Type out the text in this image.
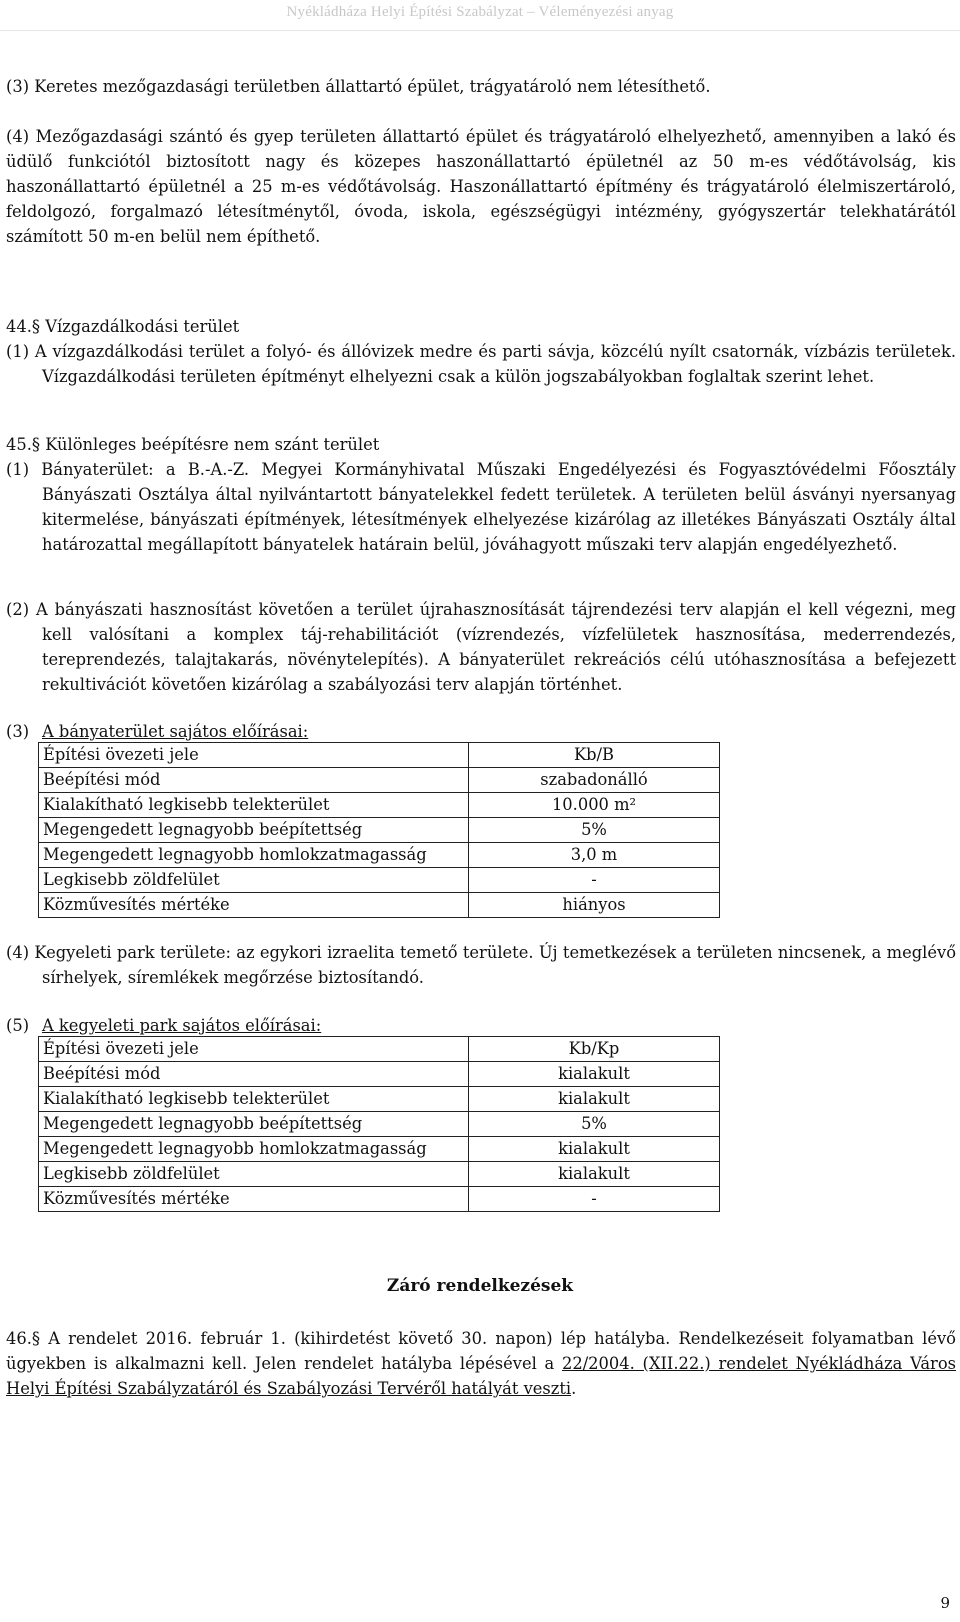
Nyékládháza Helyi Építési Szabályzat – Véleményezési anyag
(3) Keretes mezőgazdasági területben állattartó épület, trágyatároló nem létesíthető.
(4) Mezőgazdasági szántó és gyep területen állattartó épület és trágyatároló elhelyezhető, amennyiben a lakó és üdülő funkciótól biztosított nagy és közepes haszonállattartó épületnél az 50 m-es védőtávolság, kis haszonállattartó épületnél a 25 m-es védőtávolság. Haszonállattartó építmény és trágyatároló élelmiszertároló, feldolgozó, forgalmazó létesítménytől, óvoda, iskola, egészségügyi intézmény, gyógyszertár telekhatárától számított 50 m-en belül nem építhető.
44.§ Vízgazdálkodási terület
(1) A vízgazdálkodási terület a folyó- és állóvizek medre és parti sávja, közcélú nyílt csatornák, vízbázis területek. Vízgazdálkodási területen építményt elhelyezni csak a külön jogszabályokban foglaltak szerint lehet.
45.§ Különleges beépítésre nem szánt terület
(1) Bányaterület: a B.-A.-Z. Megyei Kormányhivatal Műszaki Engedélyezési és Fogyasztóvédelmi Főosztály Bányászati Osztálya által nyilvántartott bányatelekkel fedett területek. A területen belül ásványi nyersanyag kitermelése, bányászati építmények, létesítmények elhelyezése kizárólag az illetékes Bányászati Osztály által határozattal megállapított bányatelek határain belül, jóváhagyott műszaki terv alapján engedélyezhető.
(2) A bányászati hasznosítást követően a terület újrahasznosítását tájrendezési terv alapján el kell végezni, meg kell valósítani a komplex táj-rehabilitációt (vízrendezés, vízfelületek hasznosítása, mederrendezés, tereprendezés, talajtakarás, növénytelepítés). A bányaterület rekreációs célú utóhasznosítása a befejezett rekultivációt követően kizárólag a szabályozási terv alapján történhet.
(3) A bányaterület sajátos előírásai:
Építési övezeti jele	Kb/B
Beépítési mód	szabadonálló
Kialakítható legkisebb telekterület	10.000 m²
Megengedett legnagyobb beépítettség	5%
Megengedett legnagyobb homlokzatmagasság	3,0 m
Legkisebb zöldfelület	-
Közművesítés mértéke	hiányos
(4) Kegyeleti park területe: az egykori izraelita temető területe. Új temetkezések a területen nincsenek, a meglévő sírhelyek, síremlékek megőrzése biztosítandó.
(5) A kegyeleti park sajátos előírásai:
Építési övezeti jele	Kb/Kp
Beépítési mód	kialakult
Kialakítható legkisebb telekterület	kialakult
Megengedett legnagyobb beépítettség	5%
Megengedett legnagyobb homlokzatmagasság	kialakult
Legkisebb zöldfelület	kialakult
Közművesítés mértéke	-
Záró rendelkezések
46.§ A rendelet 2016. február 1. (kihirdetést követő 30. napon) lép hatályba. Rendelkezéseit folyamatban lévő ügyekben is alkalmazni kell. Jelen rendelet hatályba lépésével a 22/2004. (XII.22.) rendelet Nyékládháza Város Helyi Építési Szabályzatáról és Szabályozási Tervéről hatályát veszti.
9
